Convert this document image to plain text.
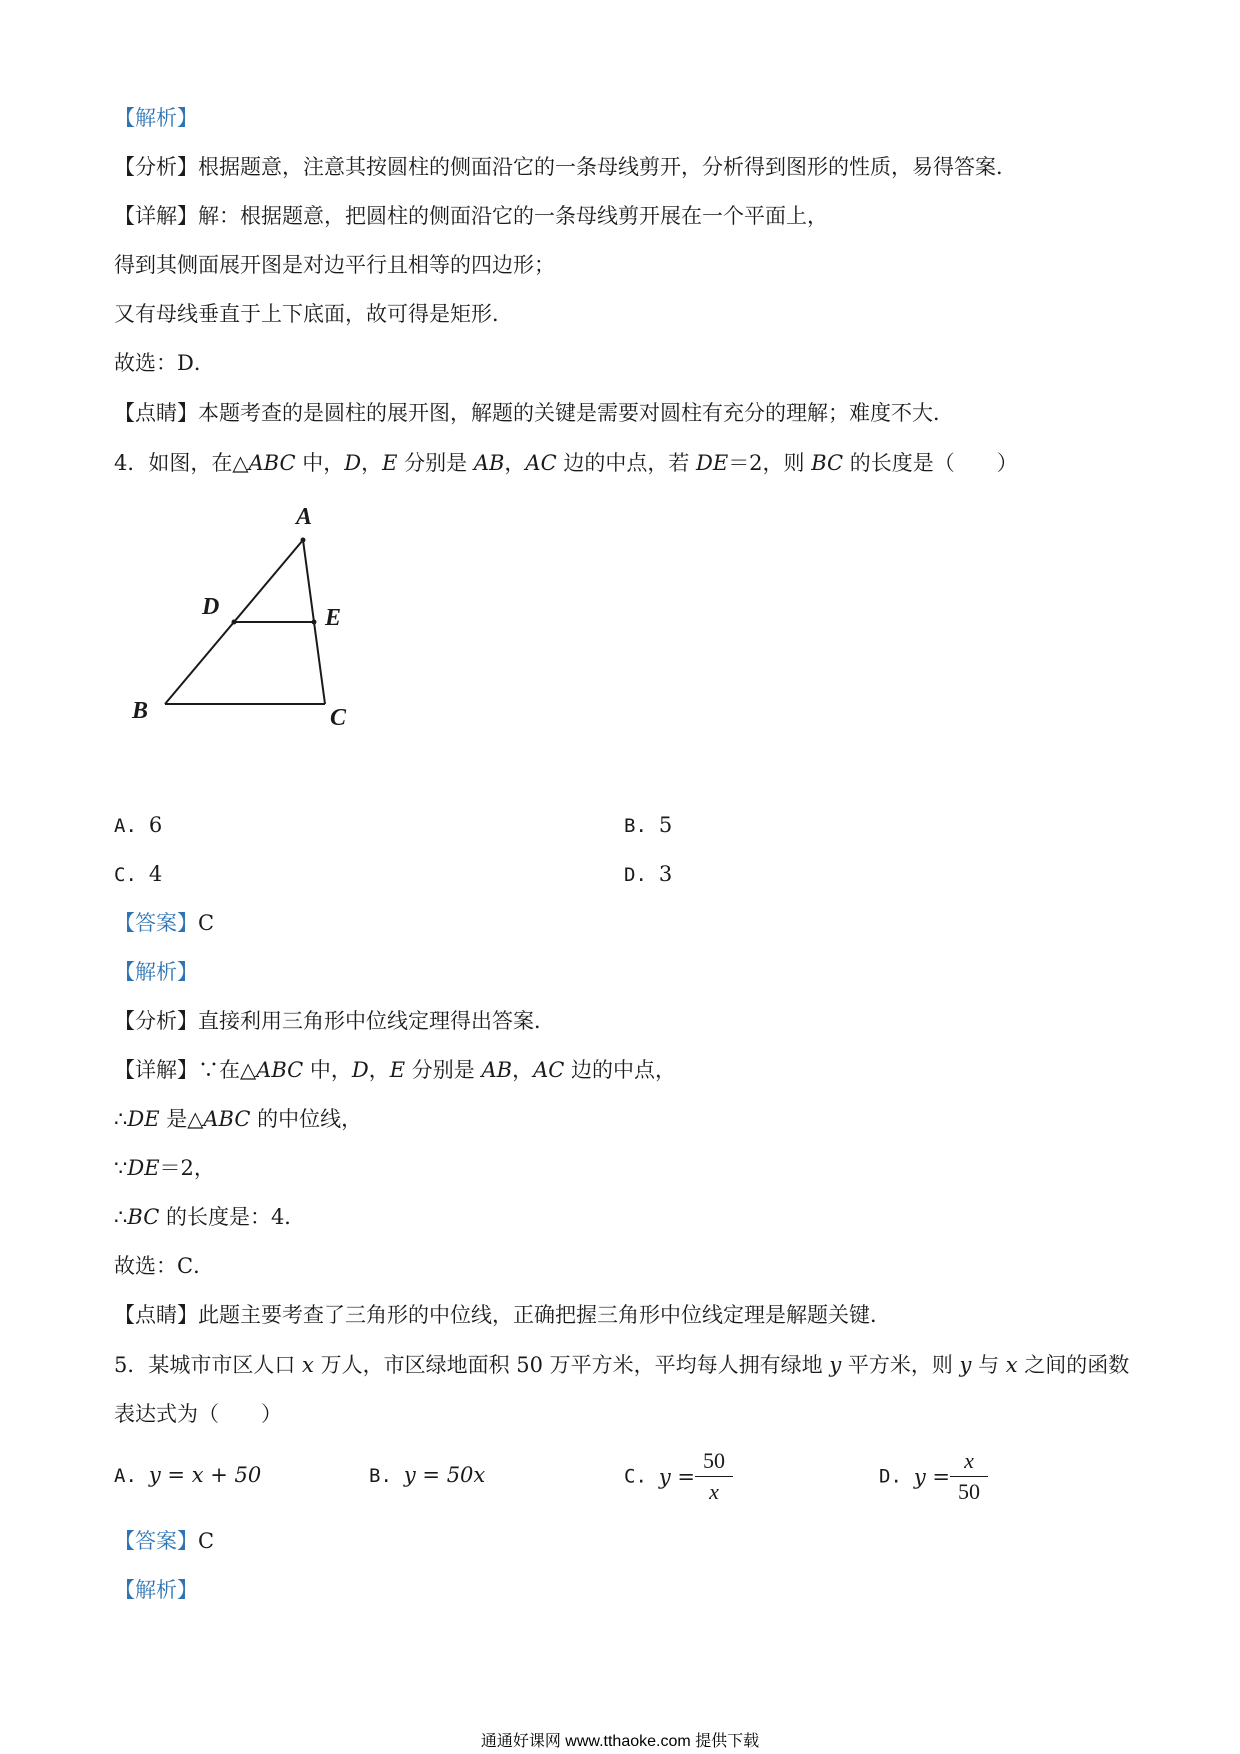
【解析】
【分析】根据题意，注意其按圆柱的侧面沿它的一条母线剪开，分析得到图形的性质，易得答案．
【详解】解：根据题意，把圆柱的侧面沿它的一条母线剪开展在一个平面上，
得到其侧面展开图是对边平行且相等的四边形；
又有母线垂直于上下底面，故可得是矩形．
故选：D．
【点睛】本题考查的是圆柱的展开图，解题的关键是需要对圆柱有充分的理解；难度不大．
4．如图，在△ABC 中，D，E 分别是 AB，AC 边的中点，若 DE＝2，则 BC 的长度是（　　）
A
D	E
B	C
A. 6	B. 5
C. 4	D. 3
【答案】C
【解析】
【分析】直接利用三角形中位线定理得出答案．
【详解】∵在△ABC 中，D，E 分别是 AB，AC 边的中点，
∴DE 是△ABC 的中位线，
∵DE＝2，
∴BC 的长度是：4．
故选：C．
【点睛】此题主要考查了三角形的中位线，正确把握三角形中位线定理是解题关键．
5．某城市市区人口 x 万人，市区绿地面积 50 万平方米，平均每人拥有绿地 y 平方米，则 y 与 x 之间的函数
表达式为（　　）
A. y = x + 50	B. y = 50x	C. $y = \frac{50}{x}$	D. $y = \frac{x}{50}$
【答案】C
【解析】
通通好课网 www.tthaoke.com 提供下载
